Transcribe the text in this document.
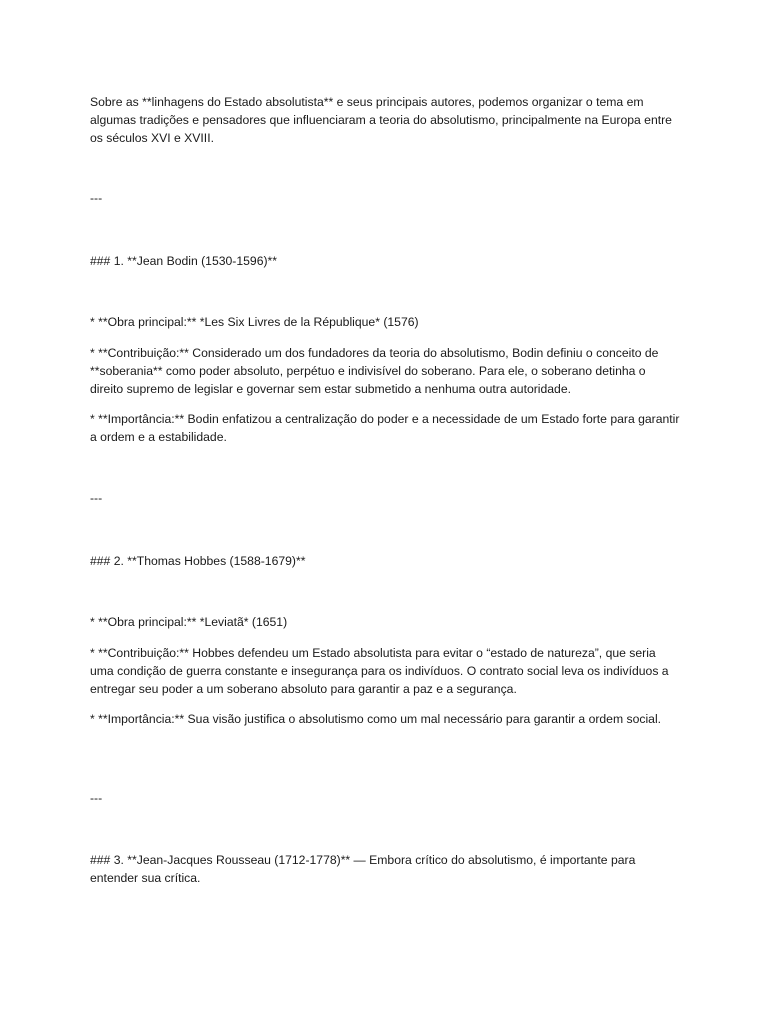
Sobre as **linhagens do Estado absolutista** e seus principais autores, podemos organizar o tema em algumas tradições e pensadores que influenciaram a teoria do absolutismo, principalmente na Europa entre os séculos XVI e XVIII.

---

### 1. **Jean Bodin (1530-1596)**

* **Obra principal:** *Les Six Livres de la République* (1576)

* **Contribuição:** Considerado um dos fundadores da teoria do absolutismo, Bodin definiu o conceito de **soberania** como poder absoluto, perpétuo e indivisível do soberano. Para ele, o soberano detinha o direito supremo de legislar e governar sem estar submetido a nenhuma outra autoridade.

* **Importância:** Bodin enfatizou a centralização do poder e a necessidade de um Estado forte para garantir a ordem e a estabilidade.

---

### 2. **Thomas Hobbes (1588-1679)**

* **Obra principal:** *Leviatã* (1651)

* **Contribuição:** Hobbes defendeu um Estado absolutista para evitar o “estado de natureza”, que seria uma condição de guerra constante e insegurança para os indivíduos. O contrato social leva os indivíduos a entregar seu poder a um soberano absoluto para garantir a paz e a segurança.

* **Importância:** Sua visão justifica o absolutismo como um mal necessário para garantir a ordem social.

---

### 3. **Jean-Jacques Rousseau (1712-1778)** — Embora crítico do absolutismo, é importante para entender sua crítica.
